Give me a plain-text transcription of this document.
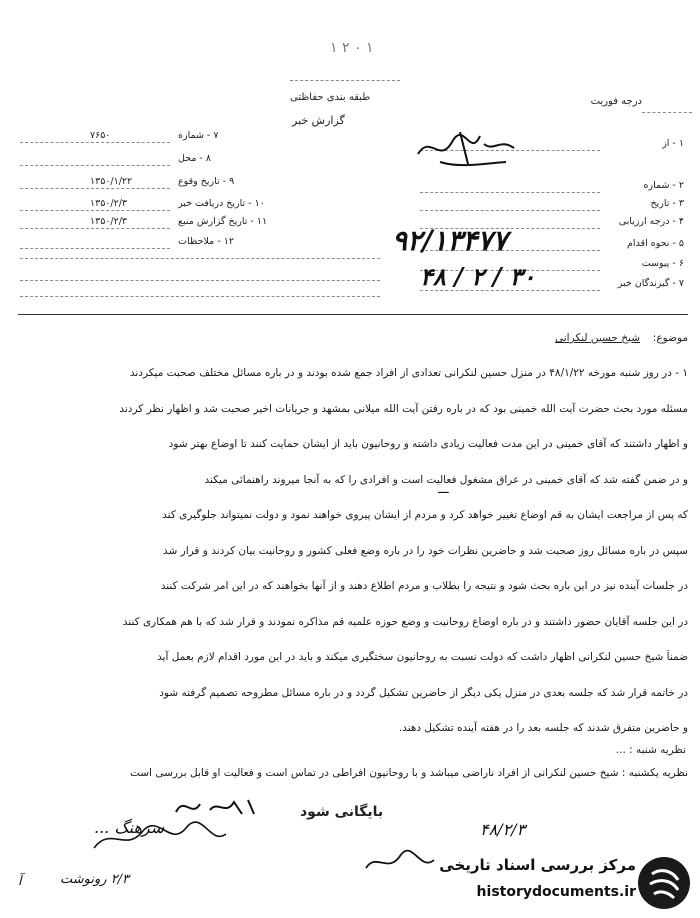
۱ ۰ ۲ ۱
طبقه بندی حفاظتی
گزارش خبر
درجه فوریت
۷ - شماره
۷۶۵۰
۸ - محل
۹ - تاریخ وقوع
۱۳۵۰/۱/۲۲
۱۰ - تاریخ دریافت خبر
۱۳۵۰/۲/۳
۱۱ - تاریخ گزارش منبع
۱۳۵۰/۲/۳
۱۲ - ملاحظات
۱ - از
۲ - شماره
۳ - تاریخ
۴ - درجه ارزیابی
۵ - نحوه اقدام
۶ - پیوست
۷ - گیرندگان خبر
۹۲/۱۳۴۷۷
۳۰ / ۲ / ۴۸
موضوع:
شیخ حسین لنکرانی
۱ - در روز شنبه مورخه ۴۸/۱/۲۲ در منزل حسین لنکرانی تعدادی از افراد جمع شده بودند و در باره مسائل مختلف صحبت میکردند
مسئله مورد بحث حضرت آیت الله خمینی بود که در باره رفتن آیت الله میلانی بمشهد و جریانات اخیر صحبت شد و اظهار نظر کردند
و اظهار داشتند که آقای خمینی در این مدت فعالیت زیادی داشته و روحانیون باید از ایشان حمایت کنند تا اوضاع بهتر شود
و در ضمن گفته شد که آقای خمینی در عراق مشغول فعالیت است و افرادی را که به آنجا میروند راهنمائی میکند
که پس از مراجعت ایشان به قم اوضاع تغییر خواهد کرد و مردم از ایشان پیروی خواهند نمود و دولت نمیتواند جلوگیری کند
سپس در باره مسائل روز صحبت شد و حاضرین نظرات خود را در باره وضع فعلی کشور و روحانیت بیان کردند و قرار شد
در جلسات آینده نیز در این باره بحث شود و نتیجه را بطلاب و مردم اطلاع دهند و از آنها بخواهند که در این امر شرکت کنند
در این جلسه آقایان حضور داشتند و در باره اوضاع روحانیت و وضع حوزه علمیه قم مذاکره نمودند و قرار شد که با هم همکاری کنند
ضمناً شیخ حسین لنکرانی اظهار داشت که دولت نسبت به روحانیون سختگیری میکند و باید در این مورد اقدام لازم بعمل آید
در خاتمه قرار شد که جلسه بعدی در منزل یکی دیگر از حاضرین تشکیل گردد و در باره مسائل مطروحه تصمیم گرفته شود
و حاضرین متفرق شدند که جلسه بعد را در هفته آینده تشکیل دهند.
ـــ
نظریه شنبه : ...
نظریه یکشنبه : شیخ حسین لنکرانی از افراد ناراضی میباشد و با روحانیون افراطی در تماس است و فعالیت او قابل بررسی است
بایگانی شود
سرهنگ ...
۲/۳ رونوشت
آ
۴۸/۲/۳
مرکز بررسی اسناد تاریخی
historydocuments.ir
